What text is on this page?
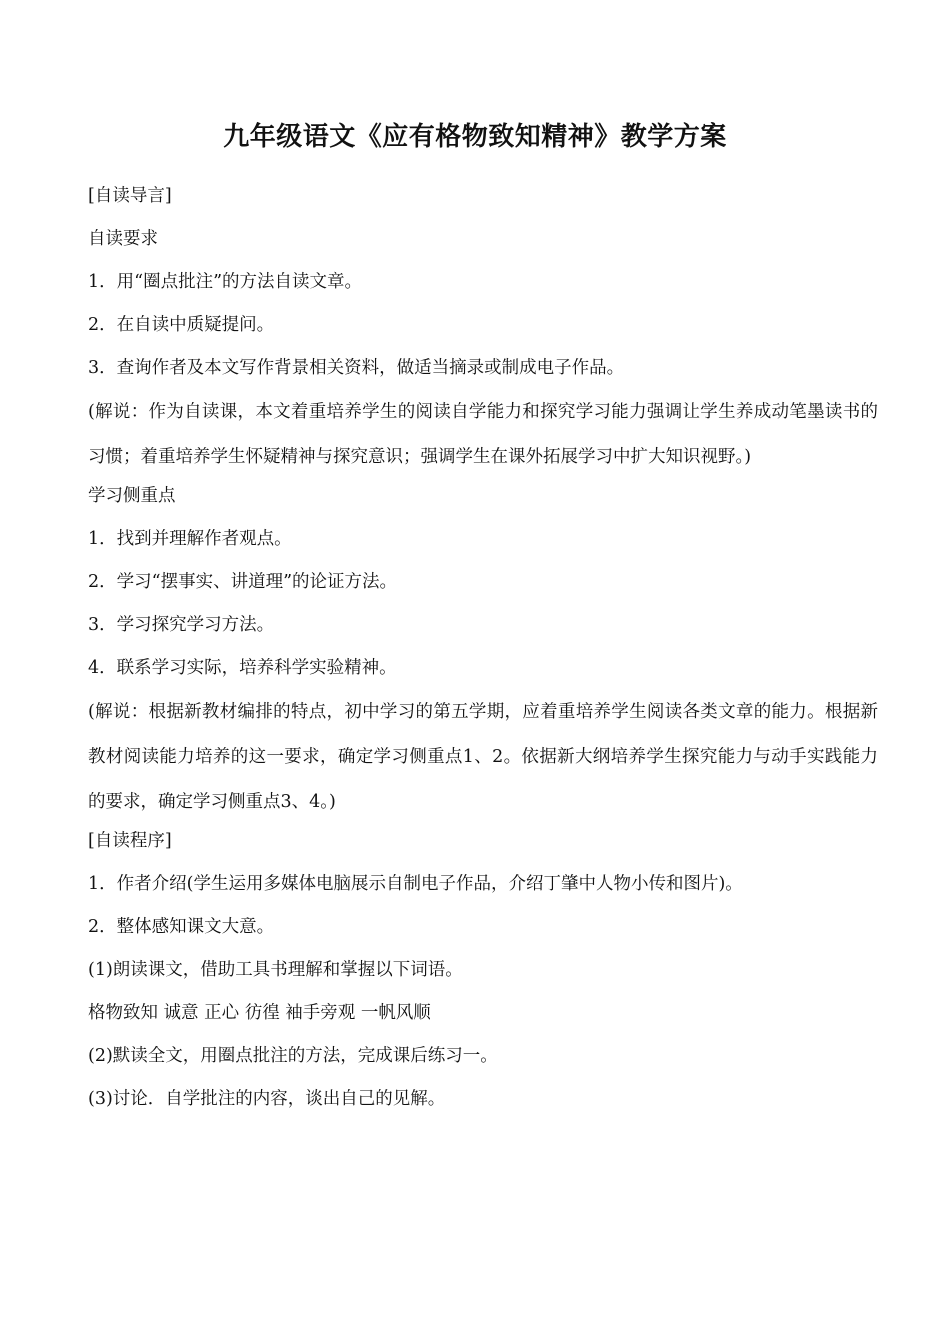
九年级语文《应有格物致知精神》教学方案
[自读导言]
自读要求
1．用“圈点批注”的方法自读文章。
2．在自读中质疑提问。
3．查询作者及本文写作背景相关资料，做适当摘录或制成电子作品。
(解说：作为自读课，本文着重培养学生的阅读自学能力和探究学习能力强调让学生养成动笔墨读书的习惯；着重培养学生怀疑精神与探究意识；强调学生在课外拓展学习中扩大知识视野。)
学习侧重点
1．找到并理解作者观点。
2．学习“摆事实、讲道理”的论证方法。
3．学习探究学习方法。
4．联系学习实际，培养科学实验精神。
(解说：根据新教材编排的特点，初中学习的第五学期，应着重培养学生阅读各类文章的能力。根据新教材阅读能力培养的这一要求，确定学习侧重点1、2。依据新大纲培养学生探究能力与动手实践能力的要求，确定学习侧重点3、4。)
[自读程序]
1．作者介绍(学生运用多媒体电脑展示自制电子作品，介绍丁肇中人物小传和图片)。
2．整体感知课文大意。
(1)朗读课文，借助工具书理解和掌握以下词语。
格物致知 诚意 正心 彷徨 袖手旁观 一帆风顺
(2)默读全文，用圈点批注的方法，完成课后练习一。
(3)讨论．自学批注的内容，谈出自己的见解。
